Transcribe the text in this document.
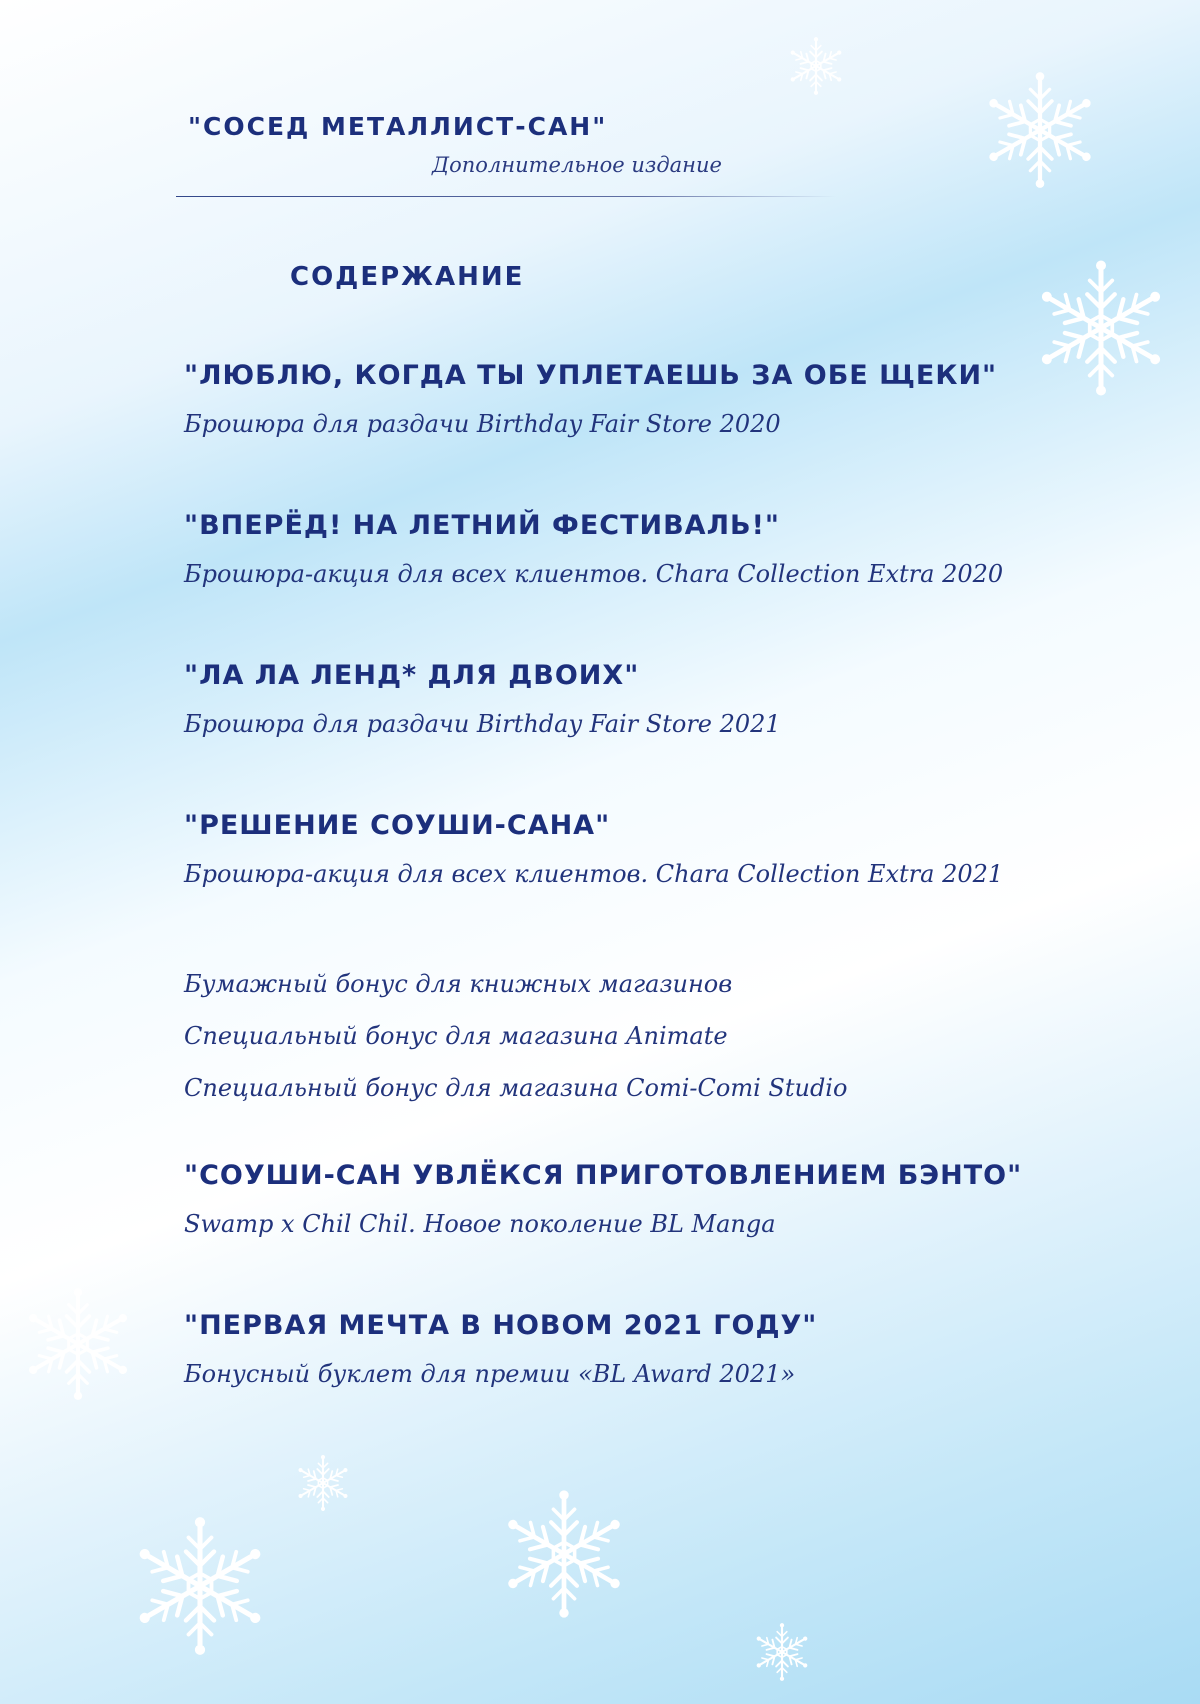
"СОСЕД МЕТАЛЛИСТ-САН"
Дополнительное издание
СОДЕРЖАНИЕ
"ЛЮБЛЮ, КОГДА ТЫ УПЛЕТАЕШЬ ЗА ОБЕ ЩЕКИ"
Брошюра для раздачи Birthday Fair Store 2020
"ВПЕРЁД! НА ЛЕТНИЙ ФЕСТИВАЛЬ!"
Брошюра-акция для всех клиентов. Chara Collection Extra 2020
"ЛА ЛА ЛЕНД* ДЛЯ ДВОИХ"
Брошюра для раздачи Birthday Fair Store 2021
"РЕШЕНИЕ СОУШИ-САНА"
Брошюра-акция для всех клиентов. Chara Collection Extra 2021
Бумажный бонус для книжных магазинов
Специальный бонус для магазина Animate
Специальный бонус для магазина Comi-Comi Studio
"СОУШИ-САН УВЛЁКСЯ ПРИГОТОВЛЕНИЕМ БЭНТО"
Swamp x Chil Chil. Новое поколение BL Manga
"ПЕРВАЯ МЕЧТА В НОВОМ 2021 ГОДУ"
Бонусный буклет для премии «BL Award 2021»
